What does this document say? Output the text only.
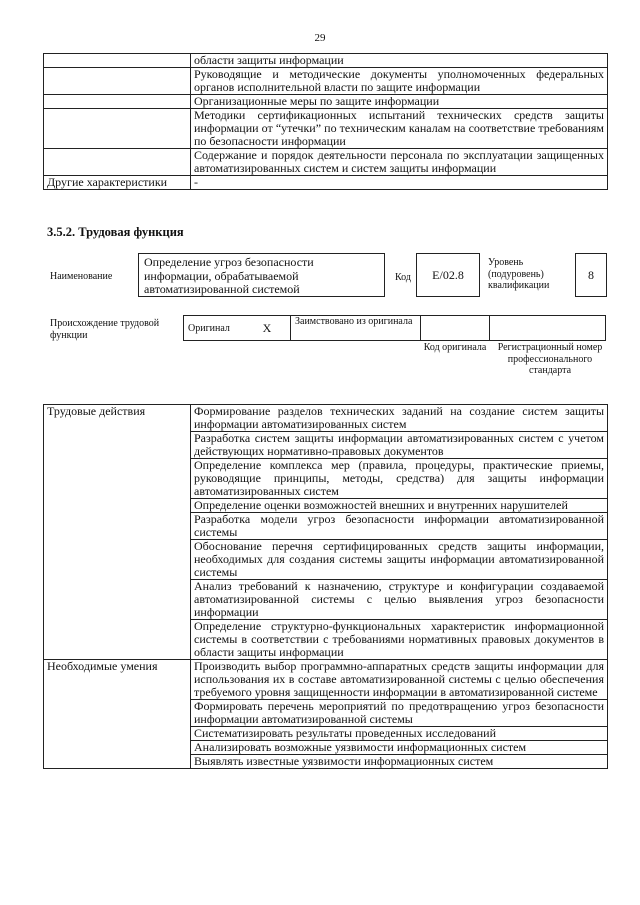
29
	области защиты информации
	Руководящие и методические документы уполномоченных федеральных органов исполнительной власти по защите информации
	Организационные меры по защите информации
	Методики сертификационных испытаний технических средств защиты информации от “утечки” по техническим каналам на соответствие требованиям по безопасности информации
	Содержание и порядок деятельности персонала по эксплуатации защищенных автоматизированных систем и систем защиты информации
Другие характеристики	-
3.5.2. Трудовая функция
Наименование
Определение угроз безопасности информации, обрабатываемой автоматизированной системой
Код	Е/02.8
Уровень (подуровень) квалификации
8
Происхождение трудовой функции
Оригинал	X	Заимствовано из оригинала		
Код оригинала	Регистрационный номер профессионального стандарта
Трудовые действия	Формирование разделов технических заданий на создание систем защиты информации автоматизированных систем
	Разработка систем защиты информации автоматизированных систем с учетом действующих нормативно-правовых документов
	Определение комплекса мер (правила, процедуры, практические приемы, руководящие принципы, методы, средства) для защиты информации автоматизированных систем
	Определение оценки возможностей внешних и внутренних нарушителей
	Разработка модели угроз безопасности информации автоматизированной системы
	Обоснование перечня сертифицированных средств защиты информации, необходимых для создания системы защиты информации автоматизированной системы
	Анализ требований к назначению, структуре и конфигурации создаваемой автоматизированной системы с целью выявления угроз безопасности информации
	Определение структурно-функциональных характеристик информационной системы в соответствии с требованиями нормативных правовых документов в области защиты информации
Необходимые умения	Производить выбор программно-аппаратных средств защиты информации для использования их в составе автоматизированной системы с целью обеспечения требуемого уровня защищенности информации в автоматизированной системе
	Формировать перечень мероприятий по предотвращению угроз безопасности информации автоматизированной системы
	Систематизировать результаты проведенных исследований
	Анализировать возможные уязвимости информационных систем
	Выявлять известные уязвимости информационных систем
